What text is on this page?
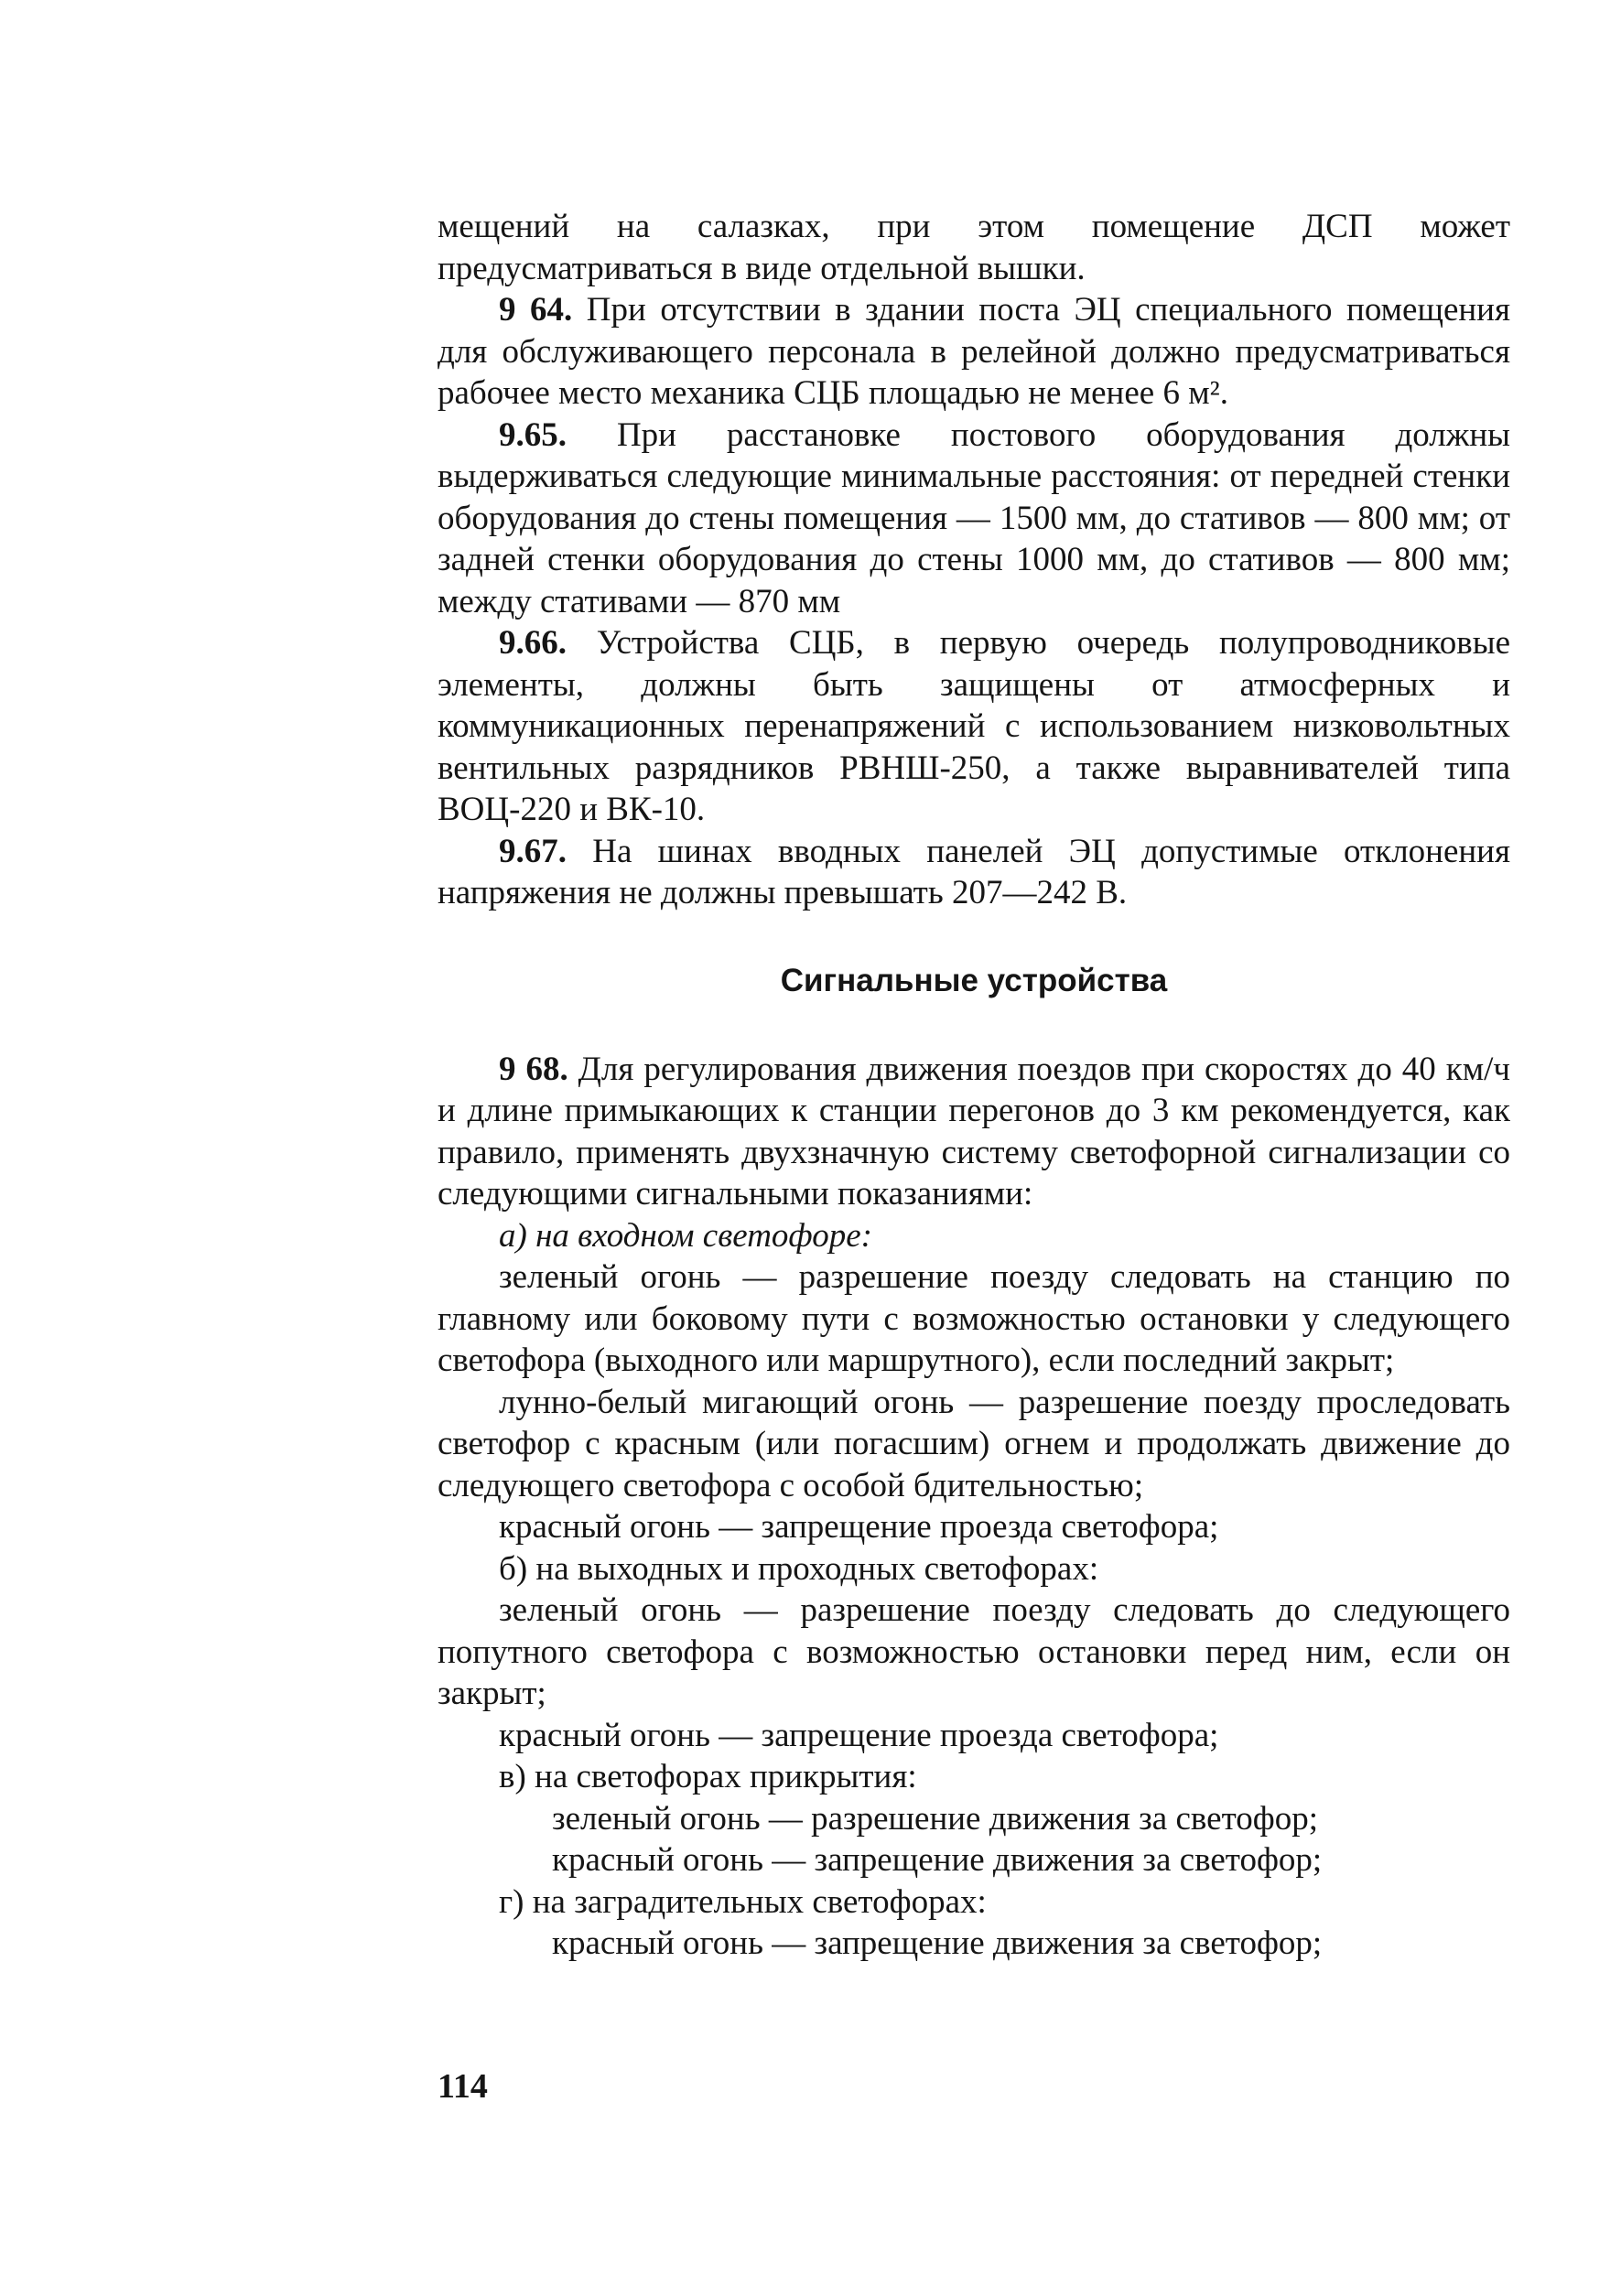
мещений на салазках, при этом помещение ДСП может предусматриваться в виде отдельной вышки.

9 64. При отсутствии в здании поста ЭЦ специального помещения для обслуживающего персонала в релейной должно предусматриваться рабочее место механика СЦБ площадью не менее 6 м².

9.65. При расстановке постового оборудования должны выдерживаться следующие минимальные расстояния: от передней стенки оборудования до стены помещения — 1500 мм, до стативов — 800 мм; от задней стенки оборудования до стены 1000 мм, до стативов — 800 мм; между стативами — 870 мм

9.66. Устройства СЦБ, в первую очередь полупроводниковые элементы, должны быть защищены от атмосферных и коммуникационных перенапряжений с использованием низковольтных вентильных разрядников РВНШ-250, а также выравнивателей типа ВОЦ-220 и ВК-10.

9.67. На шинах вводных панелей ЭЦ допустимые отклонения напряжения не должны превышать 207—242 В.

Сигнальные устройства

9 68. Для регулирования движения поездов при скоростях до 40 км/ч и длине примыкающих к станции перегонов до 3 км рекомендуется, как правило, применять двухзначную систему светофорной сигнализации со следующими сигнальными показаниями:

а) на входном светофоре:

зеленый огонь — разрешение поезду следовать на станцию по главному или боковому пути с возможностью остановки у следующего светофора (выходного или маршрутного), если последний закрыт;

лунно-белый мигающий огонь — разрешение поезду проследовать светофор с красным (или погасшим) огнем и продолжать движение до следующего светофора с особой бдительностью;

красный огонь — запрещение проезда светофора;

б) на выходных и проходных светофорах:

зеленый огонь — разрешение поезду следовать до следующего попутного светофора с возможностью остановки перед ним, если он закрыт;

красный огонь — запрещение проезда светофора;

в) на светофорах прикрытия:

зеленый огонь — разрешение движения за светофор;

красный огонь — запрещение движения за светофор;

г) на заградительных светофорах:

красный огонь — запрещение движения за светофор;

114
